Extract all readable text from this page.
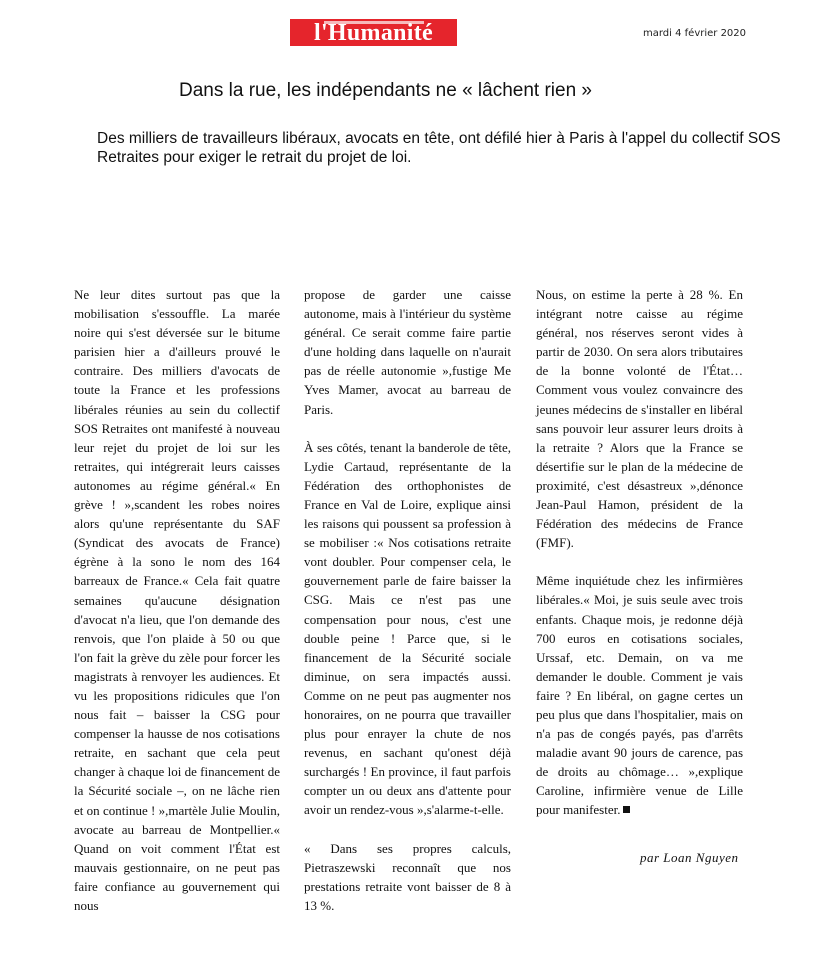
l'Humanité	mardi 4 février 2020
Dans la rue, les indépendants ne « lâchent rien »
Des milliers de travailleurs libéraux, avocats en tête, ont défilé hier à Paris à l'appel du collectif SOS Retraites pour exiger le retrait du projet de loi.

Ne leur dites surtout pas que la mobilisation s'essouffle. La marée noire qui s'est déversée sur le bitume parisien hier a d'ailleurs prouvé le contraire. Des milliers d'avocats de toute la France et les professions libérales réunies au sein du collectif SOS Retraites ont manifesté à nouveau leur rejet du projet de loi sur les retraites, qui intégrerait leurs caisses autonomes au régime général.« En grève ! »,scandent les robes noires alors qu'une représentante du SAF (Syndicat des avocats de France) égrène à la sono le nom des 164 barreaux de France.« Cela fait quatre semaines qu'aucune désignation d'avocat n'a lieu, que l'on demande des renvois, que l'on plaide à 50 ou que l'on fait la grève du zèle pour forcer les magistrats à renvoyer les audiences. Et vu les propositions ridicules que l'on nous fait – baisser la CSG pour compenser la hausse de nos cotisations retraite, en sachant que cela peut changer à chaque loi de financement de la Sécurité sociale –, on ne lâche rien et on continue ! »,martèle Julie Moulin, avocate au barreau de Montpellier.« Quand on voit comment l'État est mauvais gestionnaire, on ne peut pas faire confiance au gouvernement qui nous

propose de garder une caisse autonome, mais à l'intérieur du système général. Ce serait comme faire partie d'une holding dans laquelle on n'aurait pas de réelle autonomie »,fustige Me Yves Mamer, avocat au barreau de Paris.

À ses côtés, tenant la banderole de tête, Lydie Cartaud, représentante de la Fédération des orthophonistes de France en Val de Loire, explique ainsi les raisons qui poussent sa profession à se mobiliser :« Nos cotisations retraite vont doubler. Pour compenser cela, le gouvernement parle de faire baisser la CSG. Mais ce n'est pas une compensation pour nous, c'est une double peine ! Parce que, si le financement de la Sécurité sociale diminue, on sera impactés aussi. Comme on ne peut pas augmenter nos honoraires, on ne pourra que travailler plus pour enrayer la chute de nos revenus, en sachant qu'onest déjà surchargés ! En province, il faut parfois compter un ou deux ans d'attente pour avoir un rendez-vous »,s'alarme-t-elle.

« Dans ses propres calculs, Pietraszewski reconnaît que nos prestations retraite vont baisser de 8 à 13 %.

Nous, on estime la perte à 28 %. En intégrant notre caisse au régime général, nos réserves seront vides à partir de 2030. On sera alors tributaires de la bonne volonté de l'État… Comment vous voulez convaincre des jeunes médecins de s'installer en libéral sans pouvoir leur assurer leurs droits à la retraite ? Alors que la France se désertifie sur le plan de la médecine de proximité, c'est désastreux »,dénonce Jean-Paul Hamon, président de la Fédération des médecins de France (FMF).

Même inquiétude chez les infirmières libérales.« Moi, je suis seule avec trois enfants. Chaque mois, je redonne déjà 700 euros en cotisations sociales, Urssaf, etc. Demain, on va me demander le double. Comment je vais faire ? En libéral, on gagne certes un peu plus que dans l'hospitalier, mais on n'a pas de congés payés, pas d'arrêts maladie avant 90 jours de carence, pas de droits au chômage… »,explique Caroline, infirmière venue de Lille pour manifester.

par Loan Nguyen
